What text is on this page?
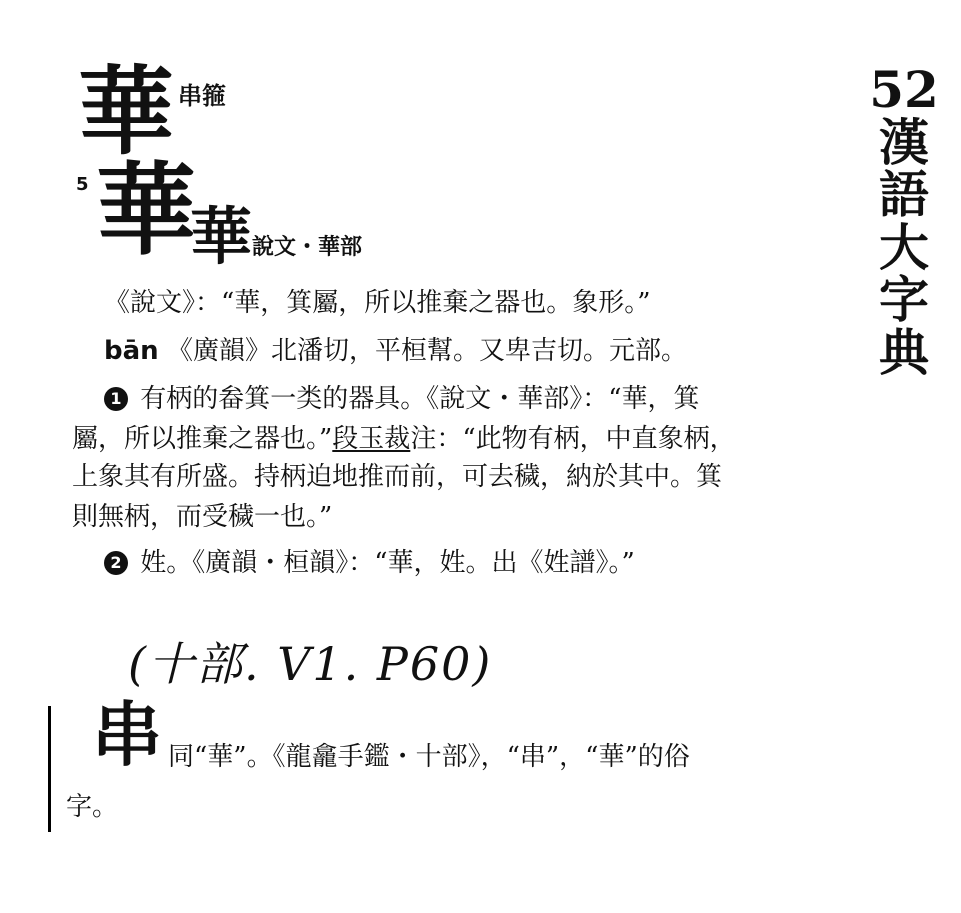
華 串箍
5 華
華 說文・華部
52
漢
語
大
字
典
《說文》：“華，箕屬，所以推棄之器也。象形。”
bān 《廣韻》北潘切，平桓幫。又卑吉切。元部。
1 有柄的畚箕一类的器具。《說文・華部》：“華，箕
屬，所以推棄之器也。”段玉裁注：“此物有柄，中直象柄，
上象其有所盛。持柄迫地推而前，可去穢，納於其中。箕
則無柄，而受穢一也。”
2 姓。《廣韻・桓韻》：“華，姓。出《姓譜》。”
(十部. V1. P60)
串 同“華”。《龍龕手鑑・十部》，“串”，“華”的俗
字。
